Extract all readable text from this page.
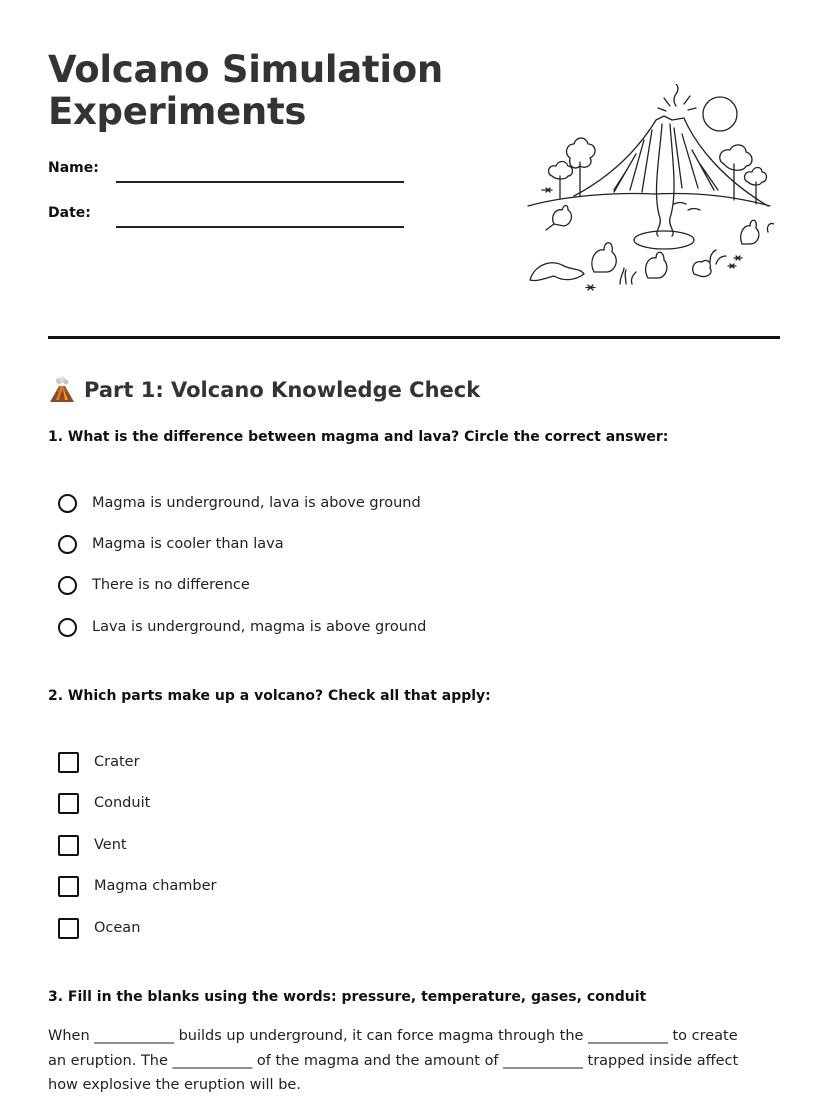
Volcano Simulation
Experiments
Name:
Date:
Part 1: Volcano Knowledge Check
1. What is the difference between magma and lava? Circle the correct answer:
Magma is underground, lava is above ground
Magma is cooler than lava
There is no difference
Lava is underground, magma is above ground
2. Which parts make up a volcano? Check all that apply:
Crater
Conduit
Vent
Magma chamber
Ocean
3. Fill in the blanks using the words: pressure, temperature, gases, conduit

When ___________ builds up underground, it can force magma through the ___________ to create an eruption. The ___________ of the magma and the amount of ___________ trapped inside affect how explosive the eruption will be.
